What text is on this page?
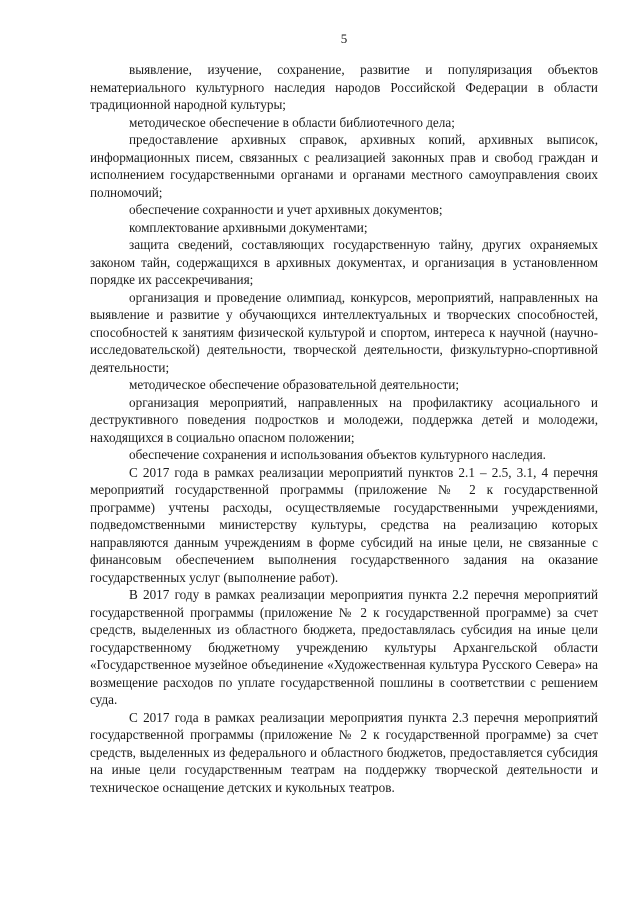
5

выявление, изучение, сохранение, развитие и популяризация объектов нематериального культурного наследия народов Российской Федерации в области традиционной народной культуры;

методическое обеспечение в области библиотечного дела;

предоставление архивных справок, архивных копий, архивных выписок, информационных писем, связанных с реализацией законных прав и свобод граждан и исполнением государственными органами и органами местного самоуправления своих полномочий;

обеспечение сохранности и учет архивных документов;

комплектование архивными документами;

защита сведений, составляющих государственную тайну, других охраняемых законом тайн, содержащихся в архивных документах, и организация в установленном порядке их рассекречивания;

организация и проведение олимпиад, конкурсов, мероприятий, направленных на выявление и развитие у обучающихся интеллектуальных и творческих способностей, способностей к занятиям физической культурой и спортом, интереса к научной (научно-исследовательской) деятельности, творческой деятельности, физкультурно-спортивной деятельности;

методическое обеспечение образовательной деятельности;

организация мероприятий, направленных на профилактику асоциального и деструктивного поведения подростков и молодежи, поддержка детей и молодежи, находящихся в социально опасном положении;

обеспечение сохранения и использования объектов культурного наследия.

С 2017 года в рамках реализации мероприятий пунктов 2.1 – 2.5, 3.1, 4 перечня мероприятий государственной программы (приложение № 2 к государственной программе) учтены расходы, осуществляемые государственными учреждениями, подведомственными министерству культуры, средства на реализацию которых направляются данным учреждениям в форме субсидий на иные цели, не связанные с финансовым обеспечением выполнения государственного задания на оказание государственных услуг (выполнение работ).

В 2017 году в рамках реализации мероприятия пункта 2.2 перечня мероприятий государственной программы (приложение № 2 к государственной программе) за счет средств, выделенных из областного бюджета, предоставлялась субсидия на иные цели государственному бюджетному учреждению культуры Архангельской области «Государственное музейное объединение «Художественная культура Русского Севера» на возмещение расходов по уплате государственной пошлины в соответствии с решением суда.

С 2017 года в рамках реализации мероприятия пункта 2.3 перечня мероприятий государственной программы (приложение № 2 к государственной программе) за счет средств, выделенных из федерального и областного бюджетов, предоставляется субсидия на иные цели государственным театрам на поддержку творческой деятельности и техническое оснащение детских и кукольных театров.
